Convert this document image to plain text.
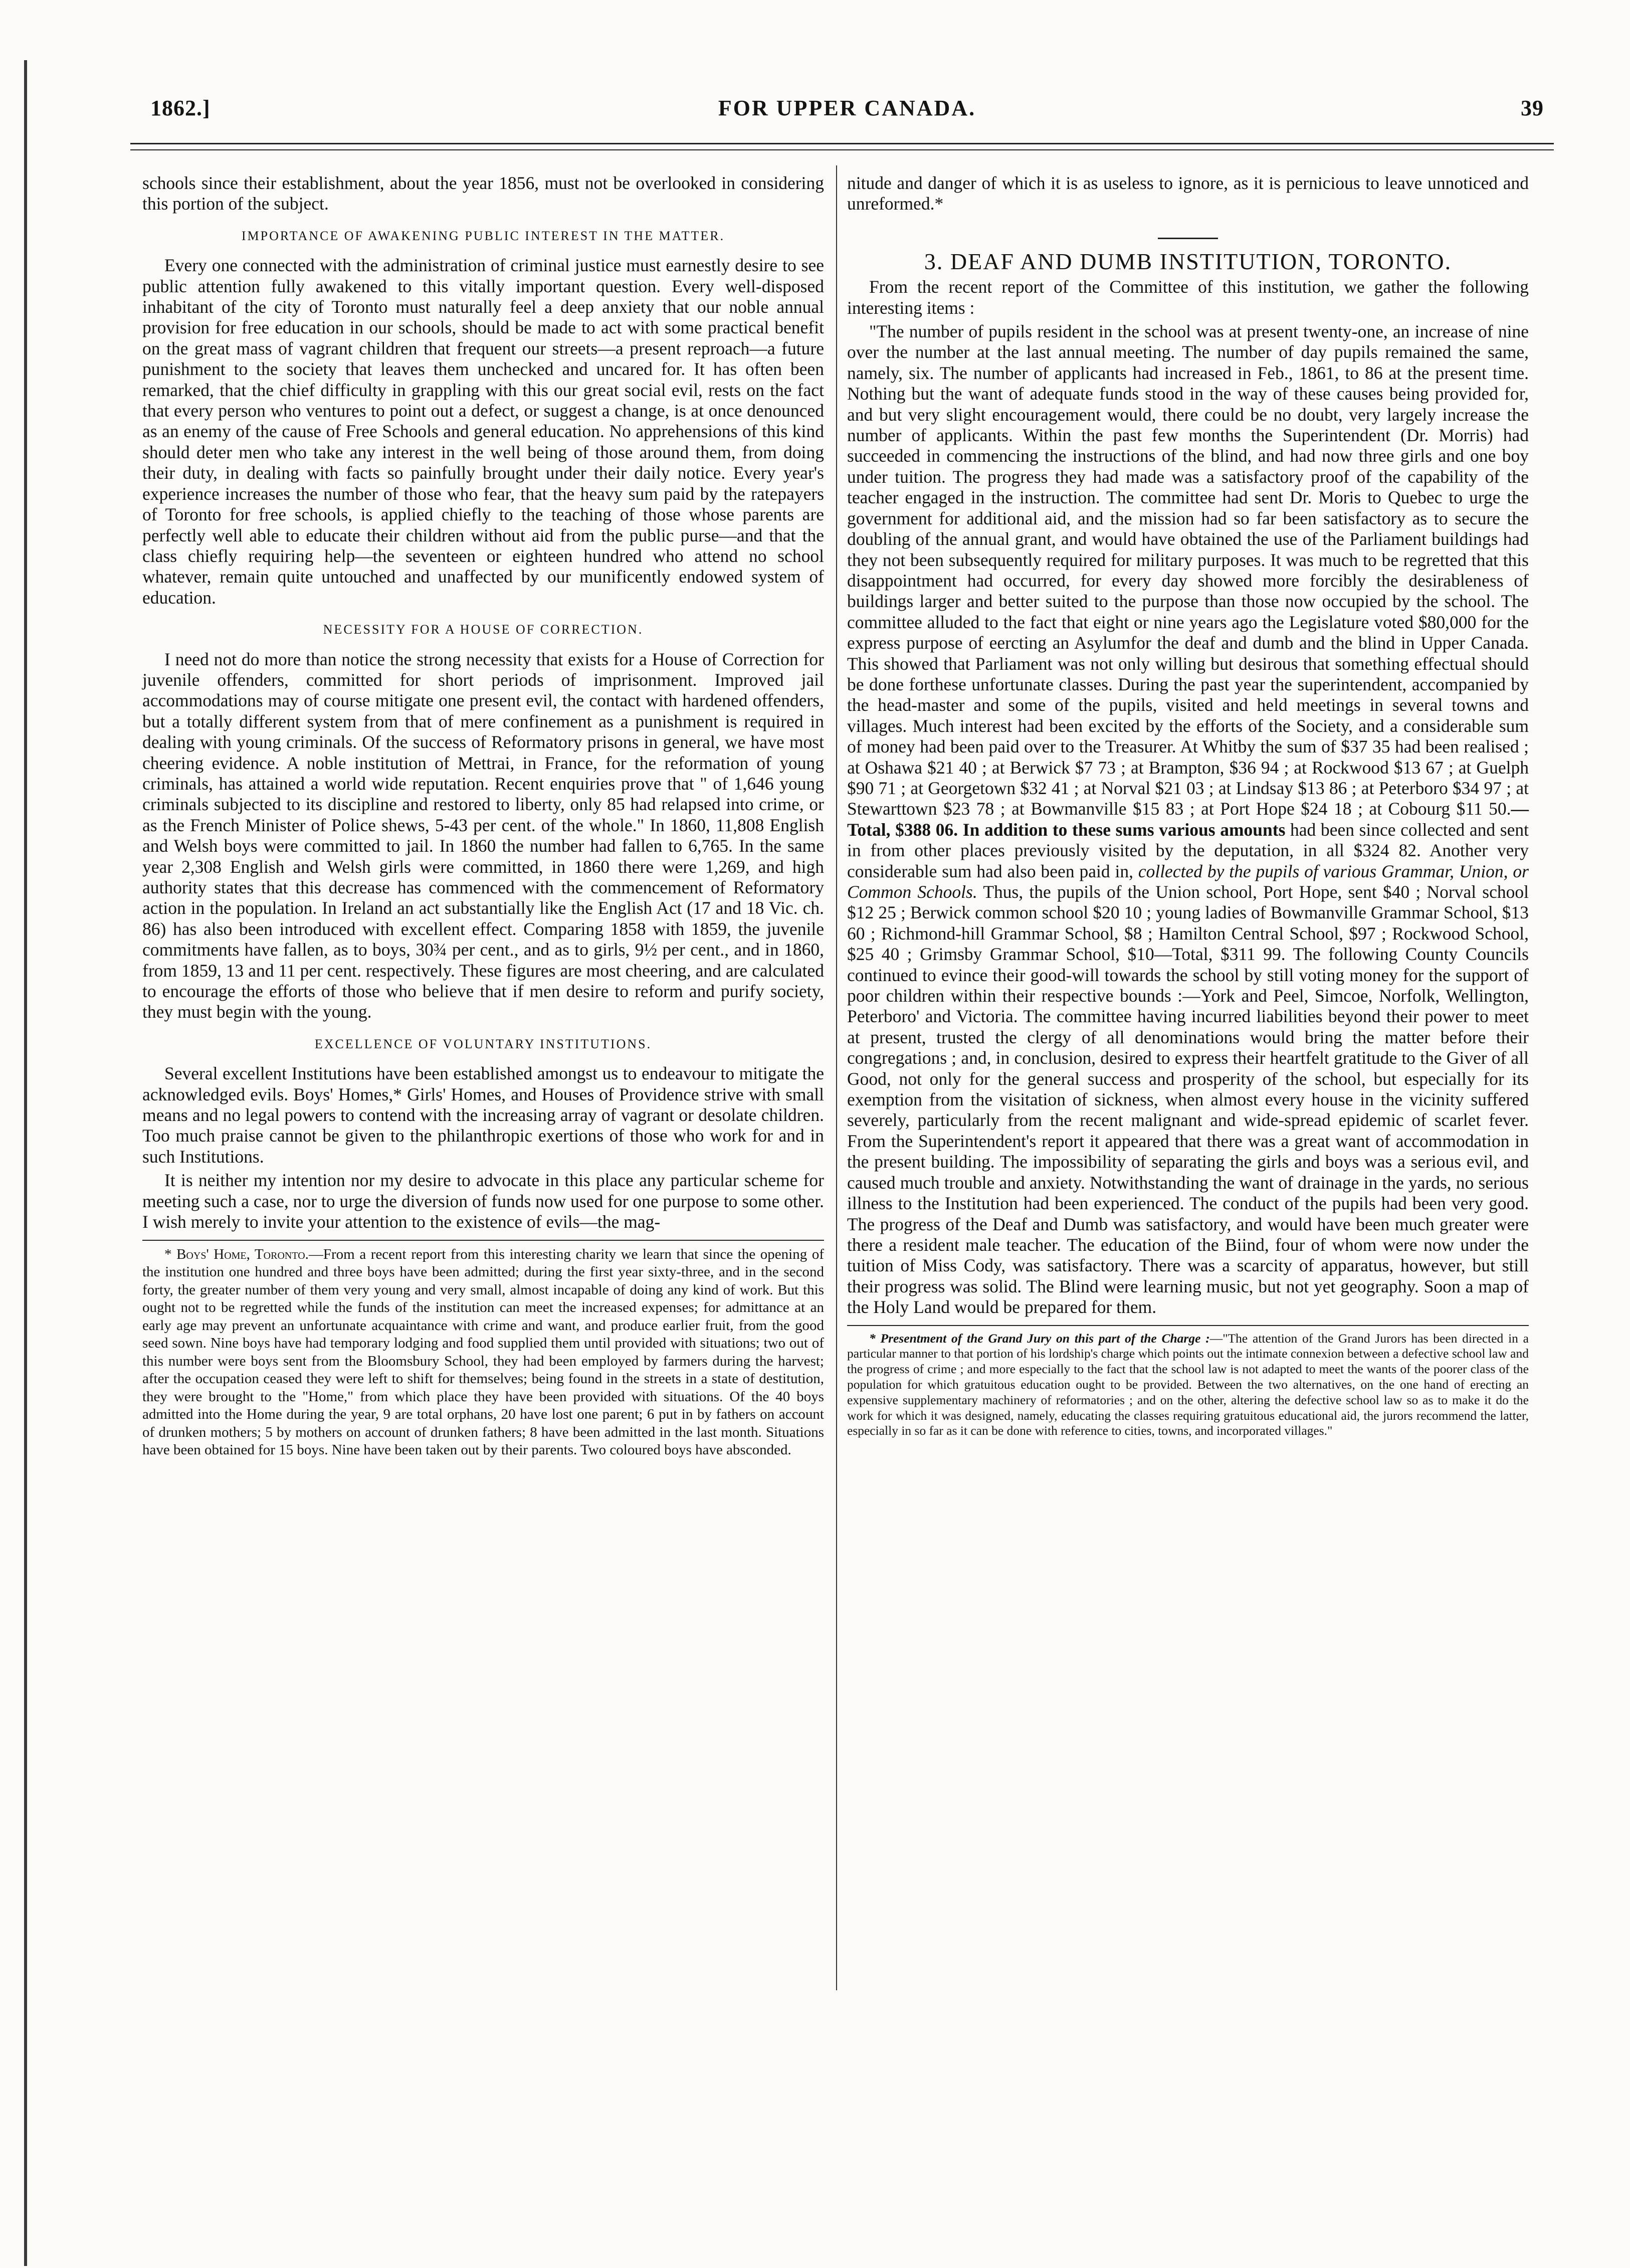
1862.]	FOR UPPER CANADA.	39

schools since their establishment, about the year 1856, must not be overlooked in considering this portion of the subject.

IMPORTANCE OF AWAKENING PUBLIC INTEREST IN THE MATTER.

Every one connected with the administration of criminal justice must earnestly desire to see public attention fully awakened to this vitally important question. Every well-disposed inhabitant of the city of Toronto must naturally feel a deep anxiety that our noble annual provision for free education in our schools, should be made to act with some practical benefit on the great mass of vagrant children that frequent our streets—a present reproach—a future punishment to the society that leaves them unchecked and uncared for. It has often been remarked, that the chief difficulty in grappling with this our great social evil, rests on the fact that every person who ventures to point out a defect, or suggest a change, is at once denounced as an enemy of the cause of Free Schools and general education. No apprehensions of this kind should deter men who take any interest in the well being of those around them, from doing their duty, in dealing with facts so painfully brought under their daily notice. Every year's experience increases the number of those who fear, that the heavy sum paid by the ratepayers of Toronto for free schools, is applied chiefly to the teaching of those whose parents are perfectly well able to educate their children without aid from the public purse—and that the class chiefly requiring help—the seventeen or eighteen hundred who attend no school whatever, remain quite untouched and unaffected by our munificently endowed system of education.

NECESSITY FOR A HOUSE OF CORRECTION.

I need not do more than notice the strong necessity that exists for a House of Correction for juvenile offenders, committed for short periods of imprisonment. Improved jail accommodations may of course mitigate one present evil, the contact with hardened offenders, but a totally different system from that of mere confinement as a punishment is required in dealing with young criminals. Of the success of Reformatory prisons in general, we have most cheering evidence. A noble institution of Mettrai, in France, for the reformation of young criminals, has attained a world wide reputation. Recent enquiries prove that " of 1,646 young criminals subjected to its discipline and restored to liberty, only 85 had relapsed into crime, or as the French Minister of Police shews, 5-43 per cent. of the whole." In 1860, 11,808 English and Welsh boys were committed to jail. In 1860 the number had fallen to 6,765. In the same year 2,308 English and Welsh girls were committed, in 1860 there were 1,269, and high authority states that this decrease has commenced with the commencement of Reformatory action in the population. In Ireland an act substantially like the English Act (17 and 18 Vic. ch. 86) has also been introduced with excellent effect. Comparing 1858 with 1859, the juvenile commitments have fallen, as to boys, 30¾ per cent., and as to girls, 9½ per cent., and in 1860, from 1859, 13 and 11 per cent. respectively. These figures are most cheering, and are calculated to encourage the efforts of those who believe that if men desire to reform and purify society, they must begin with the young.

EXCELLENCE OF VOLUNTARY INSTITUTIONS.

Several excellent Institutions have been established amongst us to endeavour to mitigate the acknowledged evils. Boys' Homes,* Girls' Homes, and Houses of Providence strive with small means and no legal powers to contend with the increasing array of vagrant or desolate children. Too much praise cannot be given to the philanthropic exertions of those who work for and in such Institutions.

It is neither my intention nor my desire to advocate in this place any particular scheme for meeting such a case, nor to urge the diversion of funds now used for one purpose to some other. I wish merely to invite your attention to the existence of evils—the mag-

* Boys' Home, Toronto.—From a recent report from this interesting charity we learn that since the opening of the institution one hundred and three boys have been admitted; during the first year sixty-three, and in the second forty, the greater number of them very young and very small, almost incapable of doing any kind of work. But this ought not to be regretted while the funds of the institution can meet the increased expenses; for admittance at an early age may prevent an unfortunate acquaintance with crime and want, and produce earlier fruit, from the good seed sown. Nine boys have had temporary lodging and food supplied them until provided with situations; two out of this number were boys sent from the Bloomsbury School, they had been employed by farmers during the harvest; after the occupation ceased they were left to shift for themselves; being found in the streets in a state of destitution, they were brought to the "Home," from which place they have been provided with situations. Of the 40 boys admitted into the Home during the year, 9 are total orphans, 20 have lost one parent; 6 put in by fathers on account of drunken mothers; 5 by mothers on account of drunken fathers; 8 have been admitted in the last month. Situations have been obtained for 15 boys. Nine have been taken out by their parents. Two coloured boys have absconded.

nitude and danger of which it is as useless to ignore, as it is pernicious to leave unnoticed and unreformed.*

3. DEAF AND DUMB INSTITUTION, TORONTO.

From the recent report of the Committee of this institution, we gather the following interesting items :

"The number of pupils resident in the school was at present twenty-one, an increase of nine over the number at the last annual meeting. The number of day pupils remained the same, namely, six. The number of applicants had increased in Feb., 1861, to 86 at the present time. Nothing but the want of adequate funds stood in the way of these causes being provided for, and but very slight encouragement would, there could be no doubt, very largely increase the number of applicants. Within the past few months the Superintendent (Dr. Morris) had succeeded in commencing the instructions of the blind, and had now three girls and one boy under tuition. The progress they had made was a satisfactory proof of the capability of the teacher engaged in the instruction. The committee had sent Dr. Moris to Quebec to urge the government for additional aid, and the mission had so far been satisfactory as to secure the doubling of the annual grant, and would have obtained the use of the Parliament buildings had they not been subsequently required for military purposes. It was much to be regretted that this disappointment had occurred, for every day showed more forcibly the desirableness of buildings larger and better suited to the purpose than those now occupied by the school. The committee alluded to the fact that eight or nine years ago the Legislature voted $80,000 for the express purpose of eercting an Asylumfor the deaf and dumb and the blind in Upper Canada. This showed that Parliament was not only willing but desirous that something effectual should be done forthese unfortunate classes. During the past year the superintendent, accompanied by the head-master and some of the pupils, visited and held meetings in several towns and villages. Much interest had been excited by the efforts of the Society, and a considerable sum of money had been paid over to the Treasurer. At Whitby the sum of $37 35 had been realised ; at Oshawa $21 40 ; at Berwick $7 73 ; at Brampton, $36 94 ; at Rockwood $13 67 ; at Guelph $90 71 ; at Georgetown $32 41 ; at Norval $21 03 ; at Lindsay $13 86 ; at Peterboro $34 97 ; at Stewarttown $23 78 ; at Bowmanville $15 83 ; at Port Hope $24 18 ; at Cobourg $11 50.—Total, $388 06. In addition to these sums various amounts had been since collected and sent in from other places previously visited by the deputation, in all $324 82. Another very considerable sum had also been paid in, collected by the pupils of various Grammar, Union, or Common Schools. Thus, the pupils of the Union school, Port Hope, sent $40 ; Norval school $12 25 ; Berwick common school $20 10 ; young ladies of Bowmanville Grammar School, $13 60 ; Richmond-hill Grammar School, $8 ; Hamilton Central School, $97 ; Rockwood School, $25 40 ; Grimsby Grammar School, $10—Total, $311 99. The following County Councils continued to evince their good-will towards the school by still voting money for the support of poor children within their respective bounds :—York and Peel, Simcoe, Norfolk, Wellington, Peterboro' and Victoria. The committee having incurred liabilities beyond their power to meet at present, trusted the clergy of all denominations would bring the matter before their congregations ; and, in conclusion, desired to express their heartfelt gratitude to the Giver of all Good, not only for the general success and prosperity of the school, but especially for its exemption from the visitation of sickness, when almost every house in the vicinity suffered severely, particularly from the recent malignant and wide-spread epidemic of scarlet fever. From the Superintendent's report it appeared that there was a great want of accommodation in the present building. The impossibility of separating the girls and boys was a serious evil, and caused much trouble and anxiety. Notwithstanding the want of drainage in the yards, no serious illness to the Institution had been experienced. The conduct of the pupils had been very good. The progress of the Deaf and Dumb was satisfactory, and would have been much greater were there a resident male teacher. The education of the Biind, four of whom were now under the tuition of Miss Cody, was satisfactory. There was a scarcity of apparatus, however, but still their progress was solid. The Blind were learning music, but not yet geography. Soon a map of the Holy Land would be prepared for them.

* Presentment of the Grand Jury on this part of the Charge :—"The attention of the Grand Jurors has been directed in a particular manner to that portion of his lordship's charge which points out the intimate connexion between a defective school law and the progress of crime ; and more especially to the fact that the school law is not adapted to meet the wants of the poorer class of the population for which gratuitous education ought to be provided. Between the two alternatives, on the one hand of erecting an expensive supplementary machinery of reformatories ; and on the other, altering the defective school law so as to make it do the work for which it was designed, namely, educating the classes requiring gratuitous educational aid, the jurors recommend the latter, especially in so far as it can be done with reference to cities, towns, and incorporated villages."
